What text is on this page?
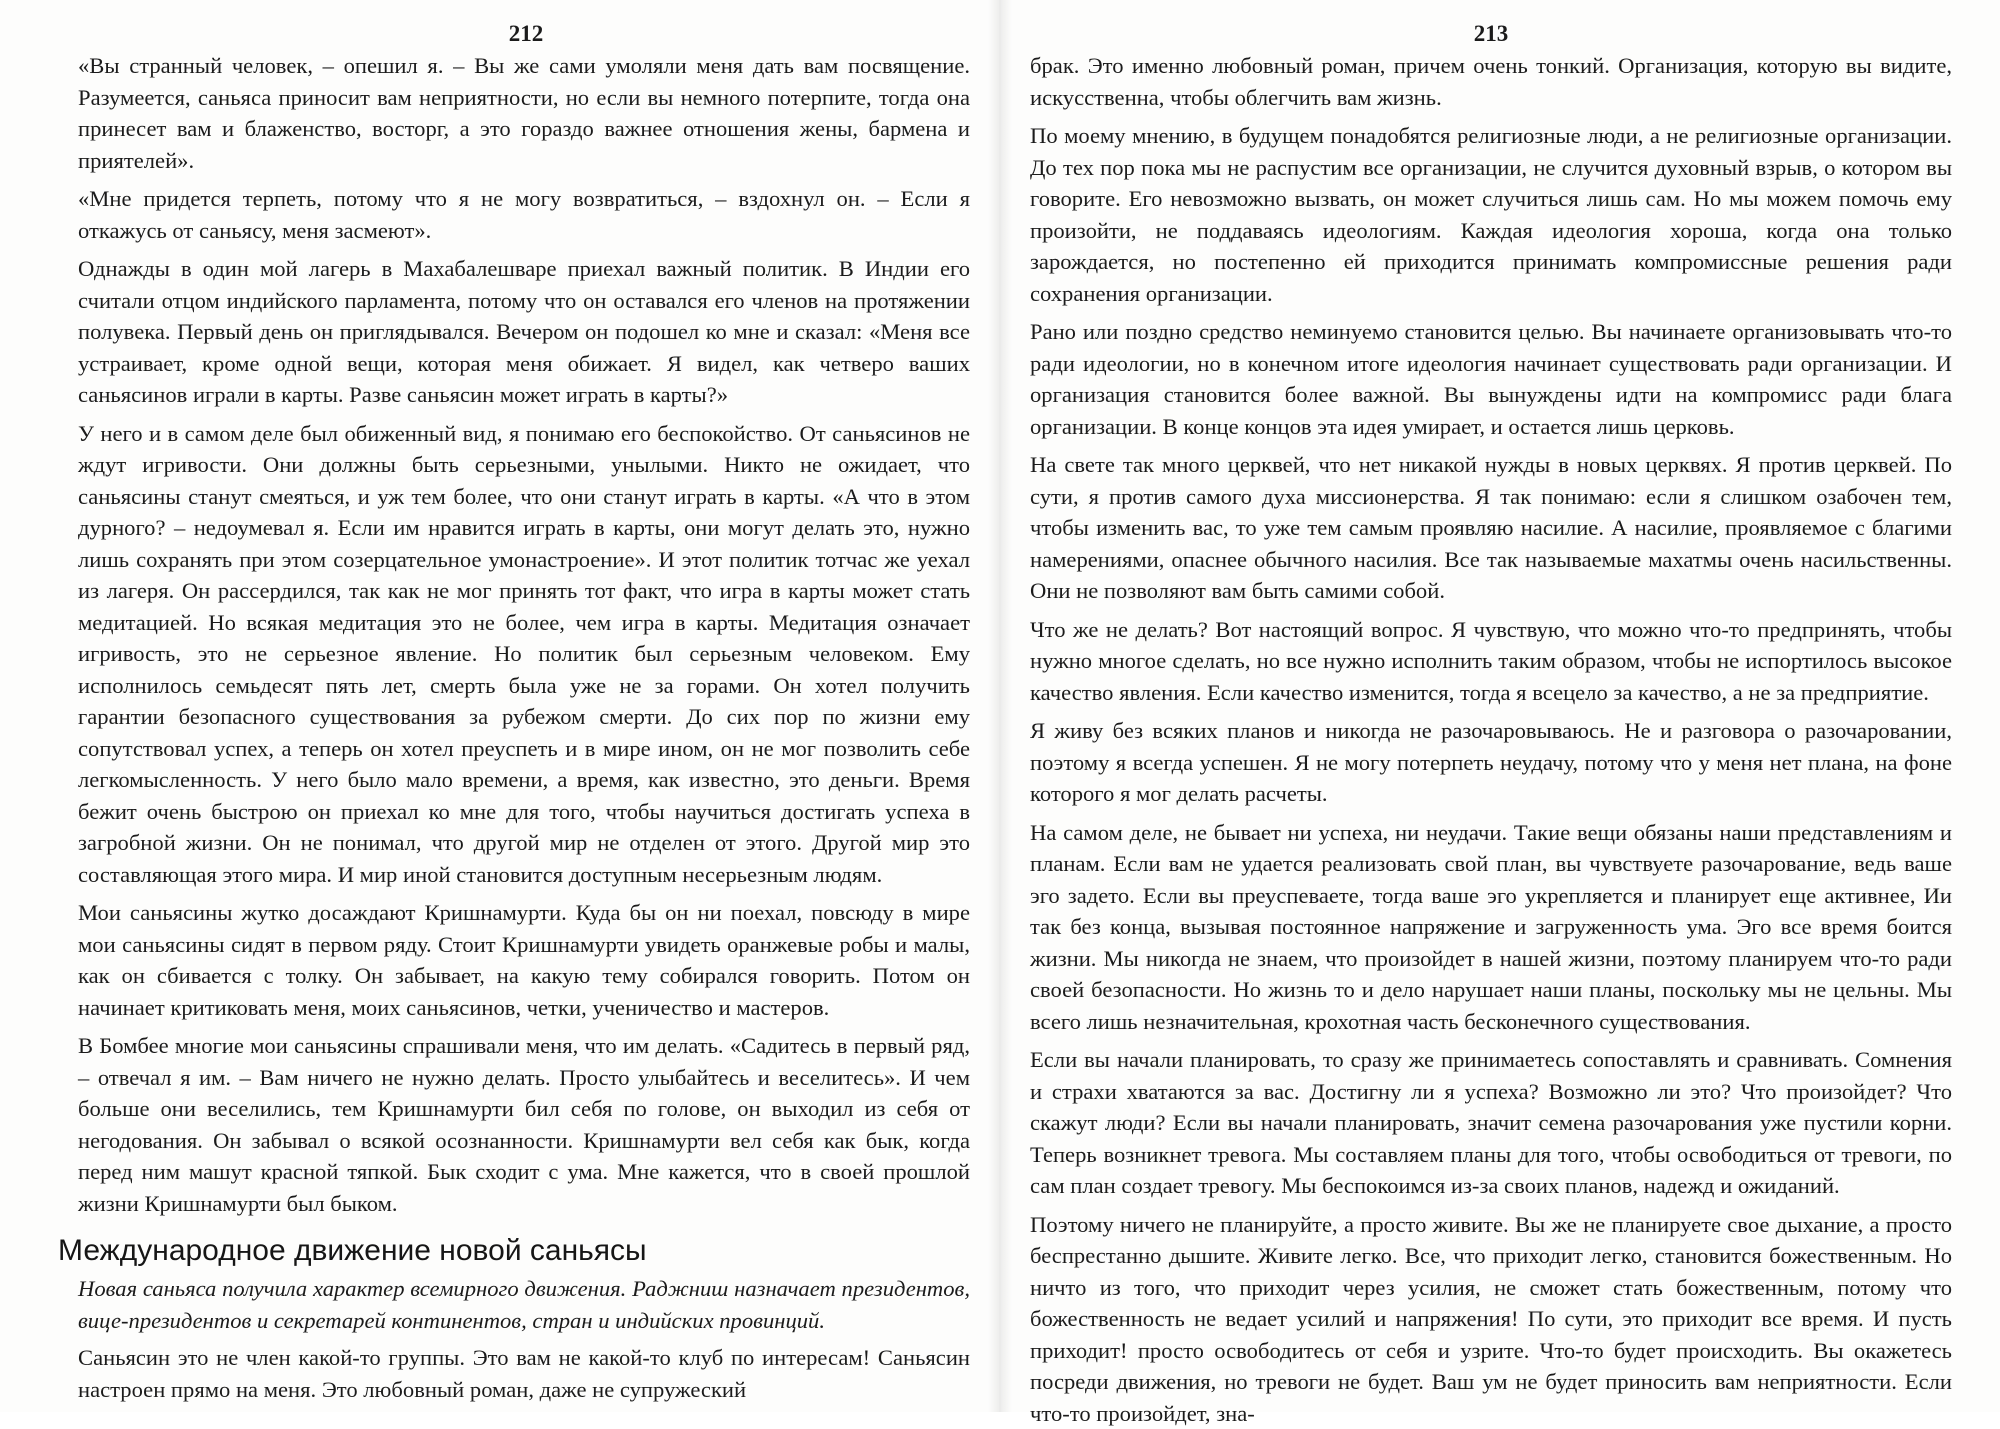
212

«Вы странный человек, – опешил я. – Вы же сами умоляли меня дать вам посвящение. Разумеется, саньяса приносит вам неприятности, но если вы немного потерпите, тогда она принесет вам и блаженство, восторг, а это гораздо важнее отношения жены, бармена и приятелей».

«Мне придется терпеть, потому что я не могу возвратиться, – вздохнул он. – Если я откажусь от саньясу, меня засмеют».

Однажды в один мой лагерь в Махабалешваре приехал важный политик. В Индии его считали отцом индийского парламента, потому что он оставался его членов на протяжении полувека. Первый день он приглядывался. Вечером он подошел ко мне и сказал: «Меня все устраивает, кроме одной вещи, которая меня обижает. Я видел, как четверо ваших саньясинов играли в карты. Разве саньясин может играть в карты?»

У него и в самом деле был обиженный вид, я понимаю его беспокойство. От саньясинов не ждут игривости. Они должны быть серьезными, унылыми. Никто не ожидает, что саньясины станут смеяться, и уж тем более, что они станут играть в карты. «А что в этом дурного? – недоумевал я. Если им нравится играть в карты, они могут делать это, нужно лишь сохранять при этом созерцательное умонастроение». И этот политик тотчас же уехал из лагеря. Он рассердился, так как не мог принять тот факт, что игра в карты может стать медитацией. Но всякая медитация это не более, чем игра в карты. Медитация означает игривость, это не серьезное явление. Но политик был серьезным человеком. Ему исполнилось семьдесят пять лет, смерть была уже не за горами. Он хотел получить гарантии безопасного существования за рубежом смерти. До сих пор по жизни ему сопутствовал успех, а теперь он хотел преуспеть и в мире ином, он не мог позволить себе легкомысленность. У него было мало времени, а время, как известно, это деньги. Время бежит очень быстрою он приехал ко мне для того, чтобы научиться достигать успеха в загробной жизни. Он не понимал, что другой мир не отделен от этого. Другой мир это составляющая этого мира. И мир иной становится доступным несерьезным людям.

Мои саньясины жутко досаждают Кришнамурти. Куда бы он ни поехал, повсюду в мире мои саньясины сидят в первом ряду. Стоит Кришнамурти увидеть оранжевые робы и малы, как он сбивается с толку. Он забывает, на какую тему собирался говорить. Потом он начинает критиковать меня, моих саньясинов, четки, ученичество и мастеров.

В Бомбее многие мои саньясины спрашивали меня, что им делать. «Садитесь в первый ряд, – отвечал я им. – Вам ничего не нужно делать. Просто улыбайтесь и веселитесь». И чем больше они веселились, тем Кришнамурти бил себя по голове, он выходил из себя от негодования. Он забывал о всякой осознанности. Кришнамурти вел себя как бык, когда перед ним машут красной тяпкой. Бык сходит с ума. Мне кажется, что в своей прошлой жизни Кришнамурти был быком.

Международное движение новой саньясы

Новая саньяса получила характер всемирного движения. Раджниш назначает президентов, вице-президентов и секретарей континентов, стран и индийских провинций.

Саньясин это не член какой-то группы. Это вам не какой-то клуб по интересам! Саньясин настроен прямо на меня. Это любовный роман, даже не супружеский

213

брак. Это именно любовный роман, причем очень тонкий. Организация, которую вы видите, искусственна, чтобы облегчить вам жизнь.

По моему мнению, в будущем понадобятся религиозные люди, а не религиозные организации. До тех пор пока мы не распустим все организации, не случится духовный взрыв, о котором вы говорите. Его невозможно вызвать, он может случиться лишь сам. Но мы можем помочь ему произойти, не поддаваясь идеологиям. Каждая идеология хороша, когда она только зарождается, но постепенно ей приходится принимать компромиссные решения ради сохранения организации.

Рано или поздно средство неминуемо становится целью. Вы начинаете организовывать что-то ради идеологии, но в конечном итоге идеология начинает существовать ради организации. И организация становится более важной. Вы вынуждены идти на компромисс ради блага организации. В конце концов эта идея умирает, и остается лишь церковь.

На свете так много церквей, что нет никакой нужды в новых церквях. Я против церквей. По сути, я против самого духа миссионерства. Я так понимаю: если я слишком озабочен тем, чтобы изменить вас, то уже тем самым проявляю насилие. А насилие, проявляемое с благими намерениями, опаснее обычного насилия. Все так называемые махатмы очень насильственны. Они не позволяют вам быть самими собой.

Что же не делать? Вот настоящий вопрос. Я чувствую, что можно что-то предпринять, чтобы нужно многое сделать, но все нужно исполнить таким образом, чтобы не испортилось высокое качество явления. Если качество изменится, тогда я всецело за качество, а не за предприятие.

Я живу без всяких планов и никогда не разочаровываюсь. Не и разговора о разочаровании, поэтому я всегда успешен. Я не могу потерпеть неудачу, потому что у меня нет плана, на фоне которого я мог делать расчеты.

На самом деле, не бывает ни успеха, ни неудачи. Такие вещи обязаны наши представлениям и планам. Если вам не удается реализовать свой план, вы чувствуете разочарование, ведь ваше эго задето. Если вы преуспеваете, тогда ваше эго укрепляется и планирует еще активнее, Ии так без конца, вызывая постоянное напряжение и загруженность ума. Эго все время боится жизни. Мы никогда не знаем, что произойдет в нашей жизни, поэтому планируем что-то ради своей безопасности. Но жизнь то и дело нарушает наши планы, поскольку мы не цельны. Мы всего лишь незначительная, крохотная часть бесконечного существования.

Если вы начали планировать, то сразу же принимаетесь сопоставлять и сравнивать. Сомнения и страхи хватаются за вас. Достигну ли я успеха? Возможно ли это? Что произойдет? Что скажут люди? Если вы начали планировать, значит семена разочарования уже пустили корни. Теперь возникнет тревога. Мы составляем планы для того, чтобы освободиться от тревоги, по сам план создает тревогу. Мы беспокоимся из-за своих планов, надежд и ожиданий.

Поэтому ничего не планируйте, а просто живите. Вы же не планируете свое дыхание, а просто беспрестанно дышите. Живите легко. Все, что приходит легко, становится божественным. Но ничто из того, что приходит через усилия, не сможет стать божественным, потому что божественность не ведает усилий и напряжения! По сути, это приходит все время. И пусть приходит! просто освободитесь от себя и узрите. Что-то будет происходить. Вы окажетесь посреди движения, но тревоги не будет. Ваш ум не будет приносить вам неприятности. Если что-то произойдет, зна-
